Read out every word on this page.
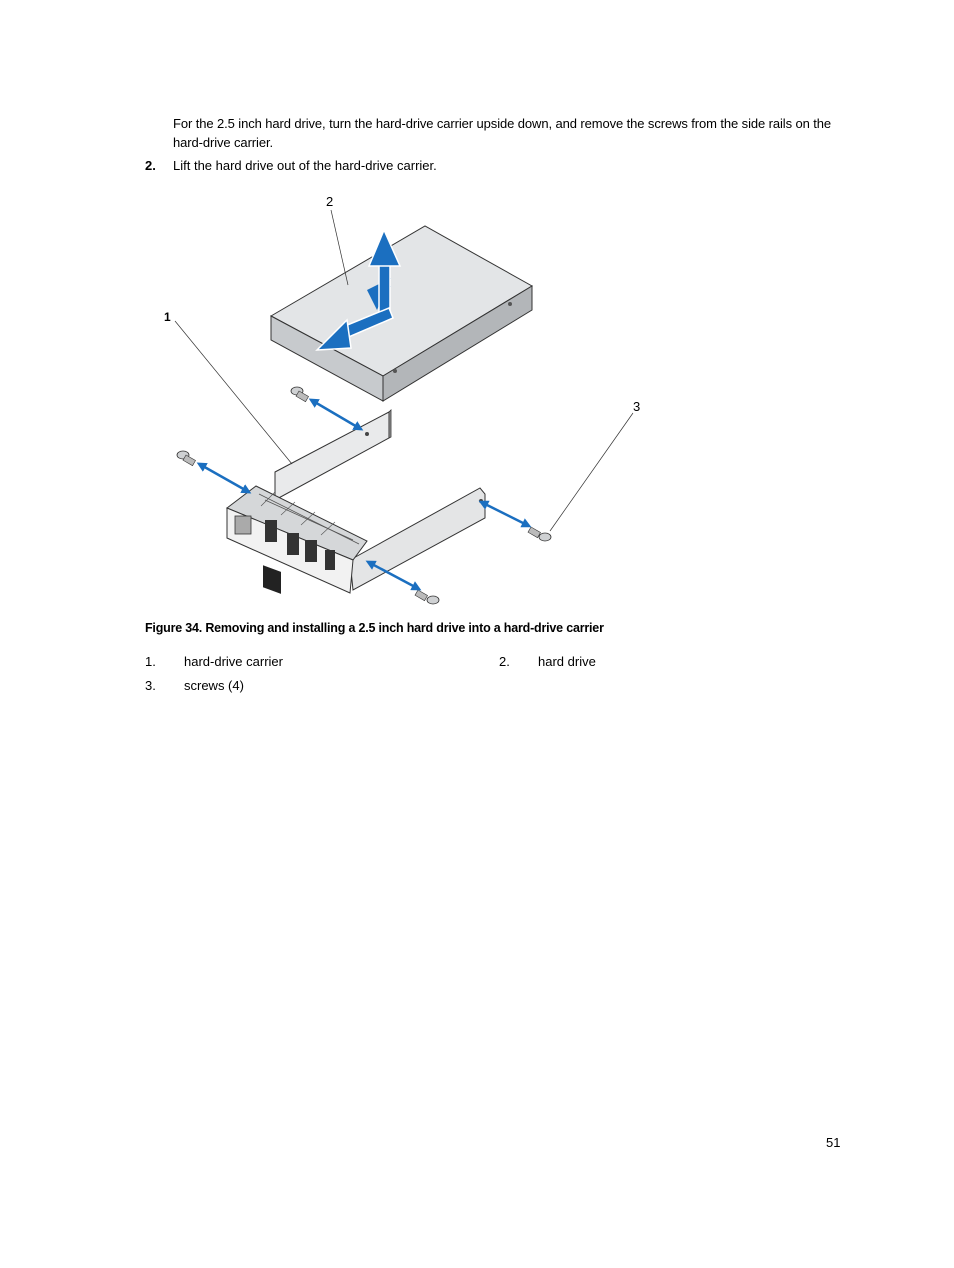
For the 2.5 inch hard drive, turn the hard-drive carrier upside down, and remove the screws from the side rails on the hard-drive carrier.
2. Lift the hard drive out of the hard-drive carrier.
2
1
3
Figure 34. Removing and installing a 2.5 inch hard drive into a hard-drive carrier
1. hard-drive carrier	2. hard drive
3. screws (4)
51
